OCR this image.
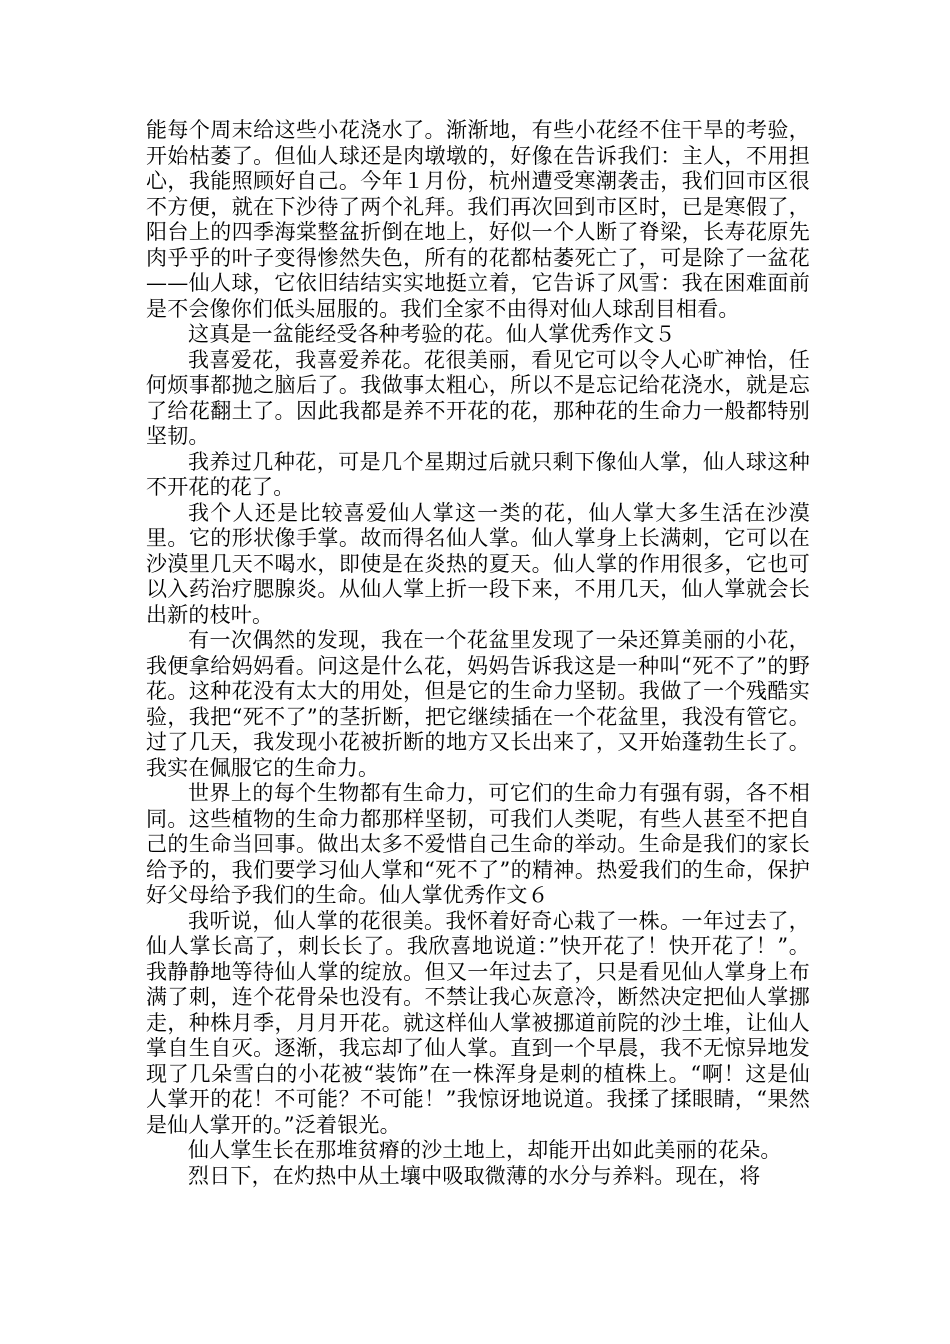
能每个周末给这些小花浇水了。渐渐地，有些小花经不住干旱的考验，开始枯萎了。但仙人球还是肉墩墩的，好像在告诉我们：主人，不用担心，我能照顾好自己。今年１月份，杭州遭受寒潮袭击，我们回市区很不方便，就在下沙待了两个礼拜。我们再次回到市区时，已是寒假了，阳台上的四季海棠整盆折倒在地上，好似一个人断了脊梁，长寿花原先肉乎乎的叶子变得惨然失色，所有的花都枯萎死亡了，可是除了一盆花——仙人球，它依旧结结实实地挺立着，它告诉了风雪：我在困难面前是不会像你们低头屈服的。我们全家不由得对仙人球刮目相看。

这真是一盆能经受各种考验的花。仙人掌优秀作文５

我喜爱花，我喜爱养花。花很美丽，看见它可以令人心旷神怡，任何烦事都抛之脑后了。我做事太粗心，所以不是忘记给花浇水，就是忘了给花翻土了。因此我都是养不开花的花，那种花的生命力一般都特别坚韧。

我养过几种花，可是几个星期过后就只剩下像仙人掌，仙人球这种不开花的花了。

我个人还是比较喜爱仙人掌这一类的花，仙人掌大多生活在沙漠里。它的形状像手掌。故而得名仙人掌。仙人掌身上长满刺，它可以在沙漠里几天不喝水，即使是在炎热的夏天。仙人掌的作用很多，它也可以入药治疗腮腺炎。从仙人掌上折一段下来，不用几天，仙人掌就会长出新的枝叶。

有一次偶然的发现，我在一个花盆里发现了一朵还算美丽的小花，我便拿给妈妈看。问这是什么花，妈妈告诉我这是一种叫“死不了”的野花。这种花没有太大的用处，但是它的生命力坚韧。我做了一个残酷实验，我把“死不了”的茎折断，把它继续插在一个花盆里，我没有管它。过了几天，我发现小花被折断的地方又长出来了，又开始蓬勃生长了。我实在佩服它的生命力。

世界上的每个生物都有生命力，可它们的生命力有强有弱，各不相同。这些植物的生命力都那样坚韧，可我们人类呢，有些人甚至不把自己的生命当回事。做出太多不爱惜自己生命的举动。生命是我们的家长给予的，我们要学习仙人掌和“死不了”的精神。热爱我们的生命，保护好父母给予我们的生命。仙人掌优秀作文６

我听说，仙人掌的花很美。我怀着好奇心栽了一株。一年过去了，仙人掌长高了，刺长长了。我欣喜地说道：”快开花了！快开花了！”。我静静地等待仙人掌的绽放。但又一年过去了，只是看见仙人掌身上布满了刺，连个花骨朵也没有。不禁让我心灰意冷，断然决定把仙人掌挪走，种株月季，月月开花。就这样仙人掌被挪道前院的沙土堆，让仙人掌自生自灭。逐渐，我忘却了仙人掌。直到一个早晨，我不无惊异地发现了几朵雪白的小花被“装饰”在一株浑身是刺的植株上。“啊！这是仙人掌开的花！不可能？不可能！”我惊讶地说道。我揉了揉眼睛，“果然是仙人掌开的。”泛着银光。

仙人掌生长在那堆贫瘠的沙土地上，却能开出如此美丽的花朵。

烈日下，在灼热中从土壤中吸取微薄的水分与养料。现在，将
